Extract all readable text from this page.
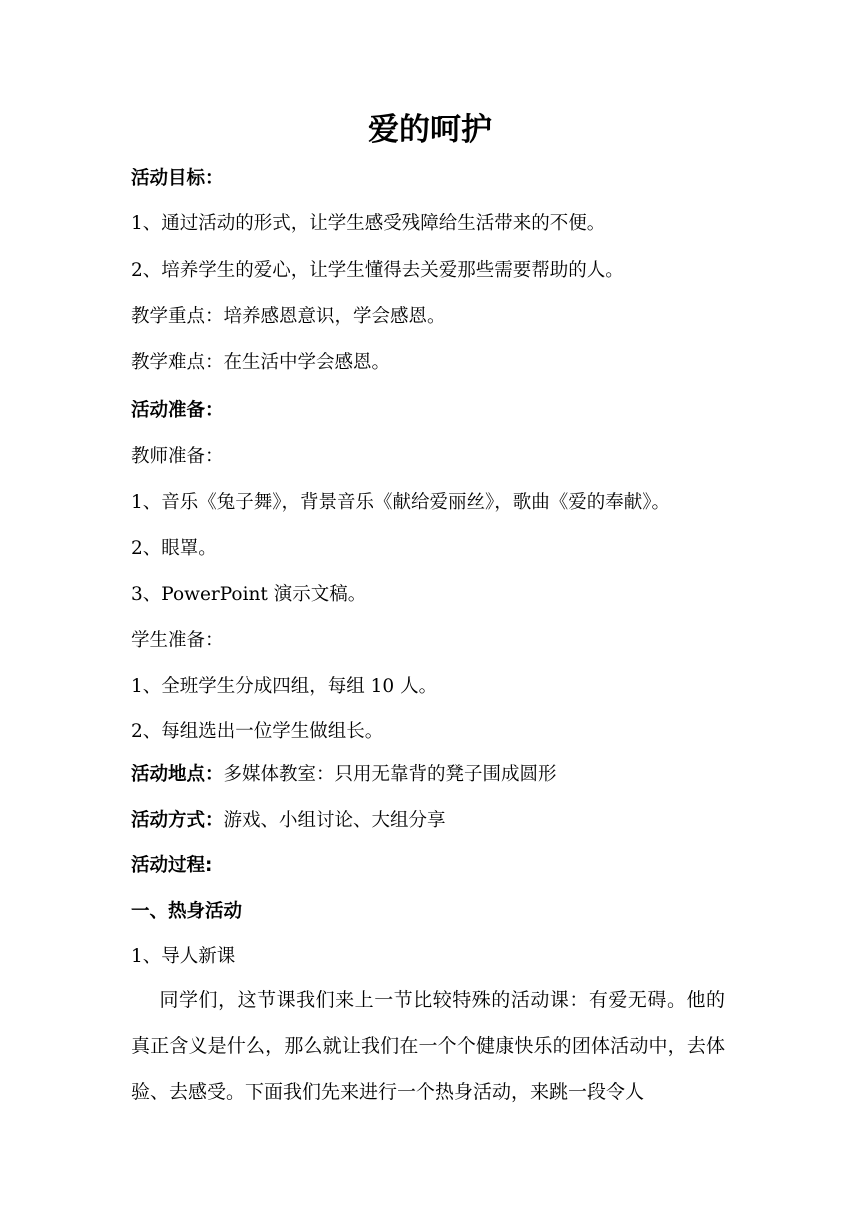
爱的呵护
活动目标：
1、通过活动的形式，让学生感受残障给生活带来的不便。
2、培养学生的爱心，让学生懂得去关爱那些需要帮助的人。
教学重点：培养感恩意识，学会感恩。
教学难点：在生活中学会感恩。
活动准备：
教师准备：
1、音乐《兔子舞》，背景音乐《献给爱丽丝》，歌曲《爱的奉献》。
2、眼罩。
3、PowerPoint 演示文稿。
学生准备：
1、全班学生分成四组，每组 10 人。
2、每组选出一位学生做组长。
活动地点：多媒体教室：只用无靠背的凳子围成圆形
活动方式：游戏、小组讨论、大组分享
活动过程:
一、热身活动
1、导人新课
同学们，这节课我们来上一节比较特殊的活动课：有爱无碍。他的真正含义是什么，那么就让我们在一个个健康快乐的团体活动中，去体验、去感受。下面我们先来进行一个热身活动，来跳一段令人
